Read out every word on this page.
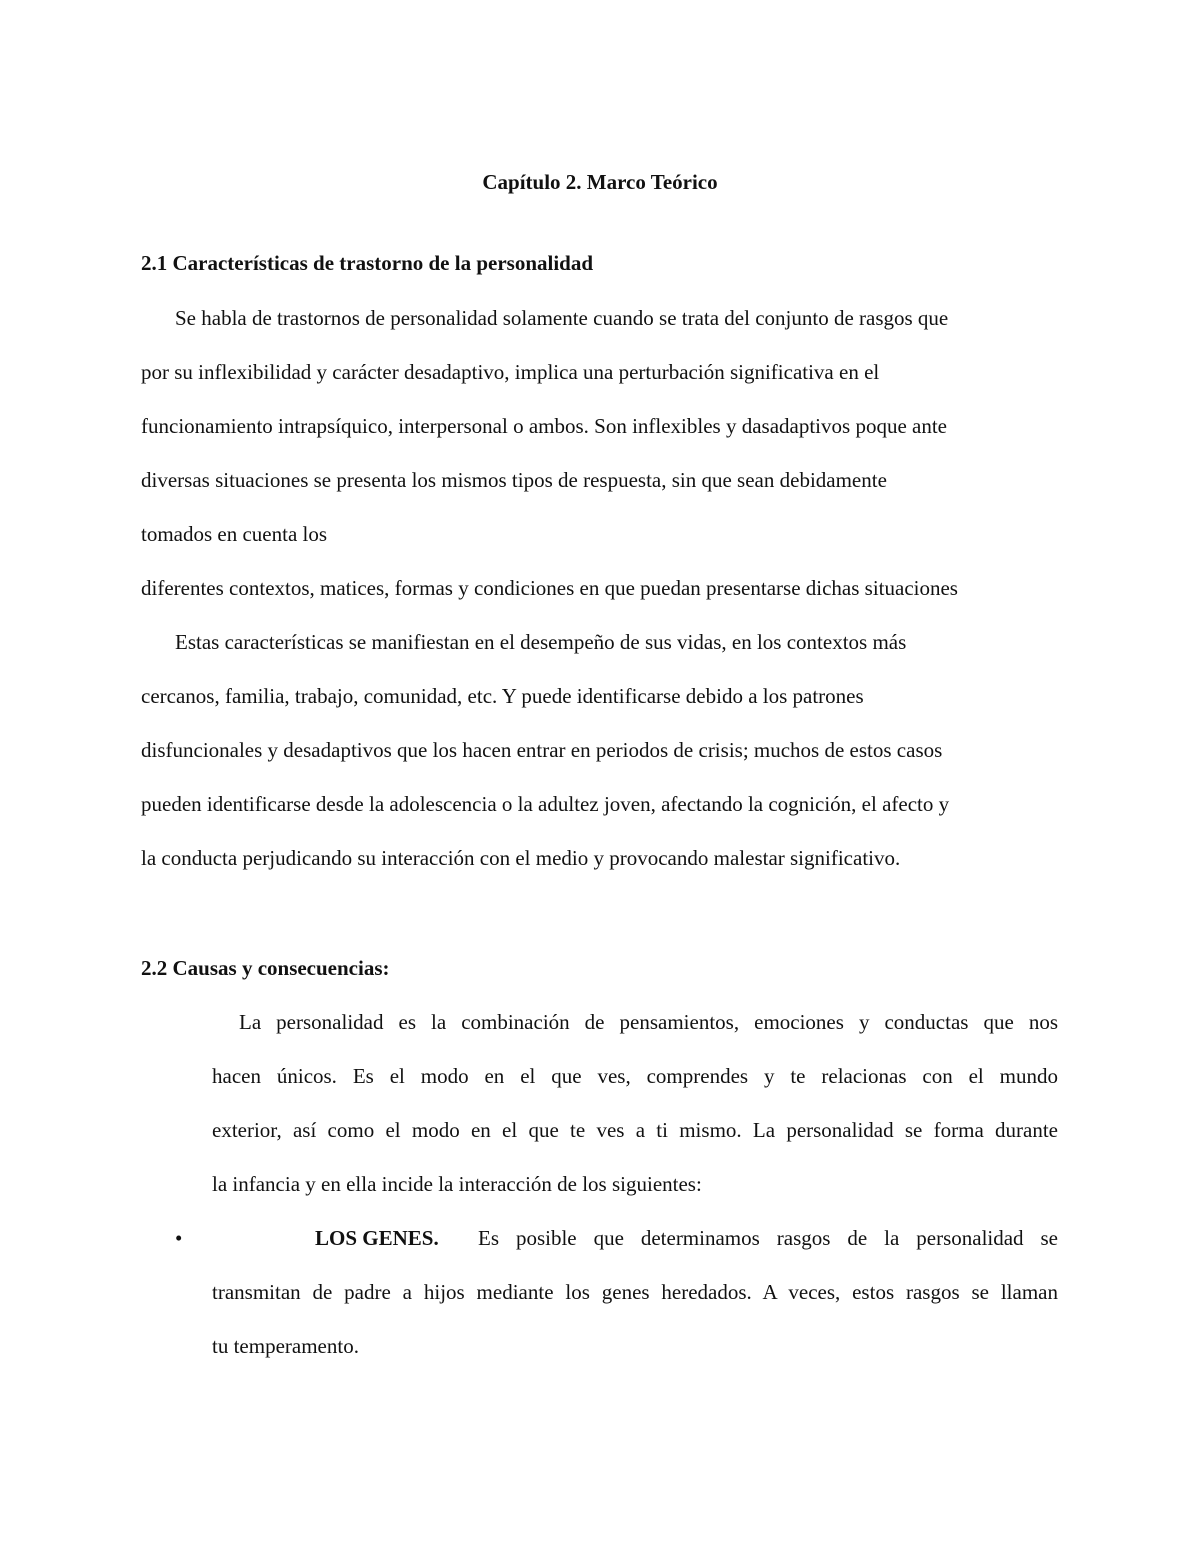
Capítulo 2. Marco Teórico

2.1 Características de trastorno de la personalidad

Se habla de trastornos de personalidad solamente cuando se trata del conjunto de rasgos que

por su inflexibilidad y carácter desadaptivo, implica una perturbación significativa en el

funcionamiento intrapsíquico, interpersonal o ambos. Son inflexibles y dasadaptivos poque ante

diversas situaciones se presenta los mismos tipos de respuesta, sin que sean debidamente

tomados en cuenta los

diferentes contextos, matices, formas y condiciones en que puedan presentarse dichas situaciones

Estas características se manifiestan en el desempeño de sus vidas, en los contextos más

cercanos, familia, trabajo, comunidad, etc. Y puede identificarse debido a los patrones

disfuncionales y desadaptivos que los hacen entrar en periodos de crisis; muchos de estos casos

pueden identificarse desde la adolescencia o la adultez joven, afectando la cognición, el afecto y

la conducta perjudicando su interacción con el medio y provocando malestar significativo.

2.2 Causas y consecuencias:

La personalidad es la combinación de pensamientos, emociones y conductas que nos

hacen únicos. Es el modo en el que ves, comprendes y te relacionas con el mundo

exterior, así como el modo en el que te ves a ti mismo. La personalidad se forma durante

la infancia y en ella incide la interacción de los siguientes:

•	LOS GENES. Es posible que determinamos rasgos de la personalidad se

transmitan de padre a hijos mediante los genes heredados. A veces, estos rasgos se llaman

tu temperamento.
